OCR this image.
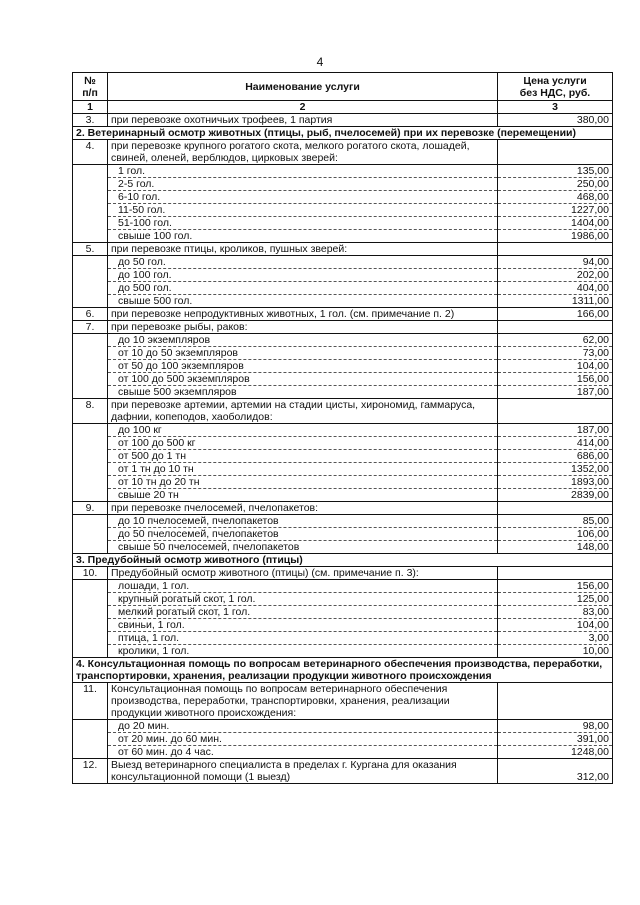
4
№
п/п	Наименование услуги	Цена услуги
без НДС, руб.
1	2	3
3.	при перевозке охотничьих трофеев, 1 партия	380,00
2. Ветеринарный осмотр животных (птицы, рыб, пчелосемей) при их перевозке (перемещении)		
4.	при перевозке крупного рогатого скота, мелкого рогатого скота, лошадей, свиней, оленей, верблюдов, цирковых зверей:	
	1 гол.	135,00
	2-5 гол.	250,00
	6-10 гол.	468,00
	11-50 гол.	1227,00
	51-100 гол.	1404,00
	свыше 100 гол.	1986,00
5.	при перевозке птицы, кроликов, пушных зверей:	
	до 50 гол.	94,00
	до 100 гол.	202,00
	до 500 гол.	404,00
	свыше 500 гол.	1311,00
6.	при перевозке непродуктивных животных, 1 гол. (см. примечание п. 2)	166,00
7.	при перевозке рыбы, раков:	
	до 10 экземпляров	62,00
	от 10 до 50 экземпляров	73,00
	от 50 до 100 экземпляров	104,00
	от 100 до 500 экземпляров	156,00
	свыше 500 экземпляров	187,00
8.	при перевозке артемии, артемии на стадии цисты, хирономид, гаммаруса, дафнии, копеподов, хаоболидов:	
	до 100 кг	187,00
	от 100 до 500 кг	414,00
	от 500 до 1 тн	686,00
	от 1 тн до 10 тн	1352,00
	от 10 тн до 20 тн	1893,00
	свыше 20 тн	2839,00
9.	при перевозке пчелосемей, пчелопакетов:	
	до 10 пчелосемей, пчелопакетов	85,00
	до 50 пчелосемей, пчелопакетов	106,00
	свыше 50 пчелосемей, пчелопакетов	148,00
3. Предубойный осмотр животного (птицы)		
10.	Предубойный осмотр животного (птицы) (см. примечание п. 3):	
	лошади, 1 гол.	156,00
	крупный рогатый скот, 1 гол.	125,00
	мелкий рогатый скот, 1 гол.	83,00
	свиньи, 1 гол.	104,00
	птица, 1 гол.	3,00
	кролики, 1 гол.	10,00
4. Консультационная помощь по вопросам ветеринарного обеспечения производства, переработки, транспортировки, хранения, реализации продукции животного происхождения		
11.	Консультационная помощь по вопросам ветеринарного обеспечения производства, переработки, транспортировки, хранения, реализации продукции животного происхождения:	
	до 20 мин.	98,00
	от 20 мин. до 60 мин.	391,00
	от 60 мин. до 4 час.	1248,00
12.	Выезд ветеринарного специалиста в пределах г. Кургана для оказания консультационной помощи (1 выезд)	312,00
